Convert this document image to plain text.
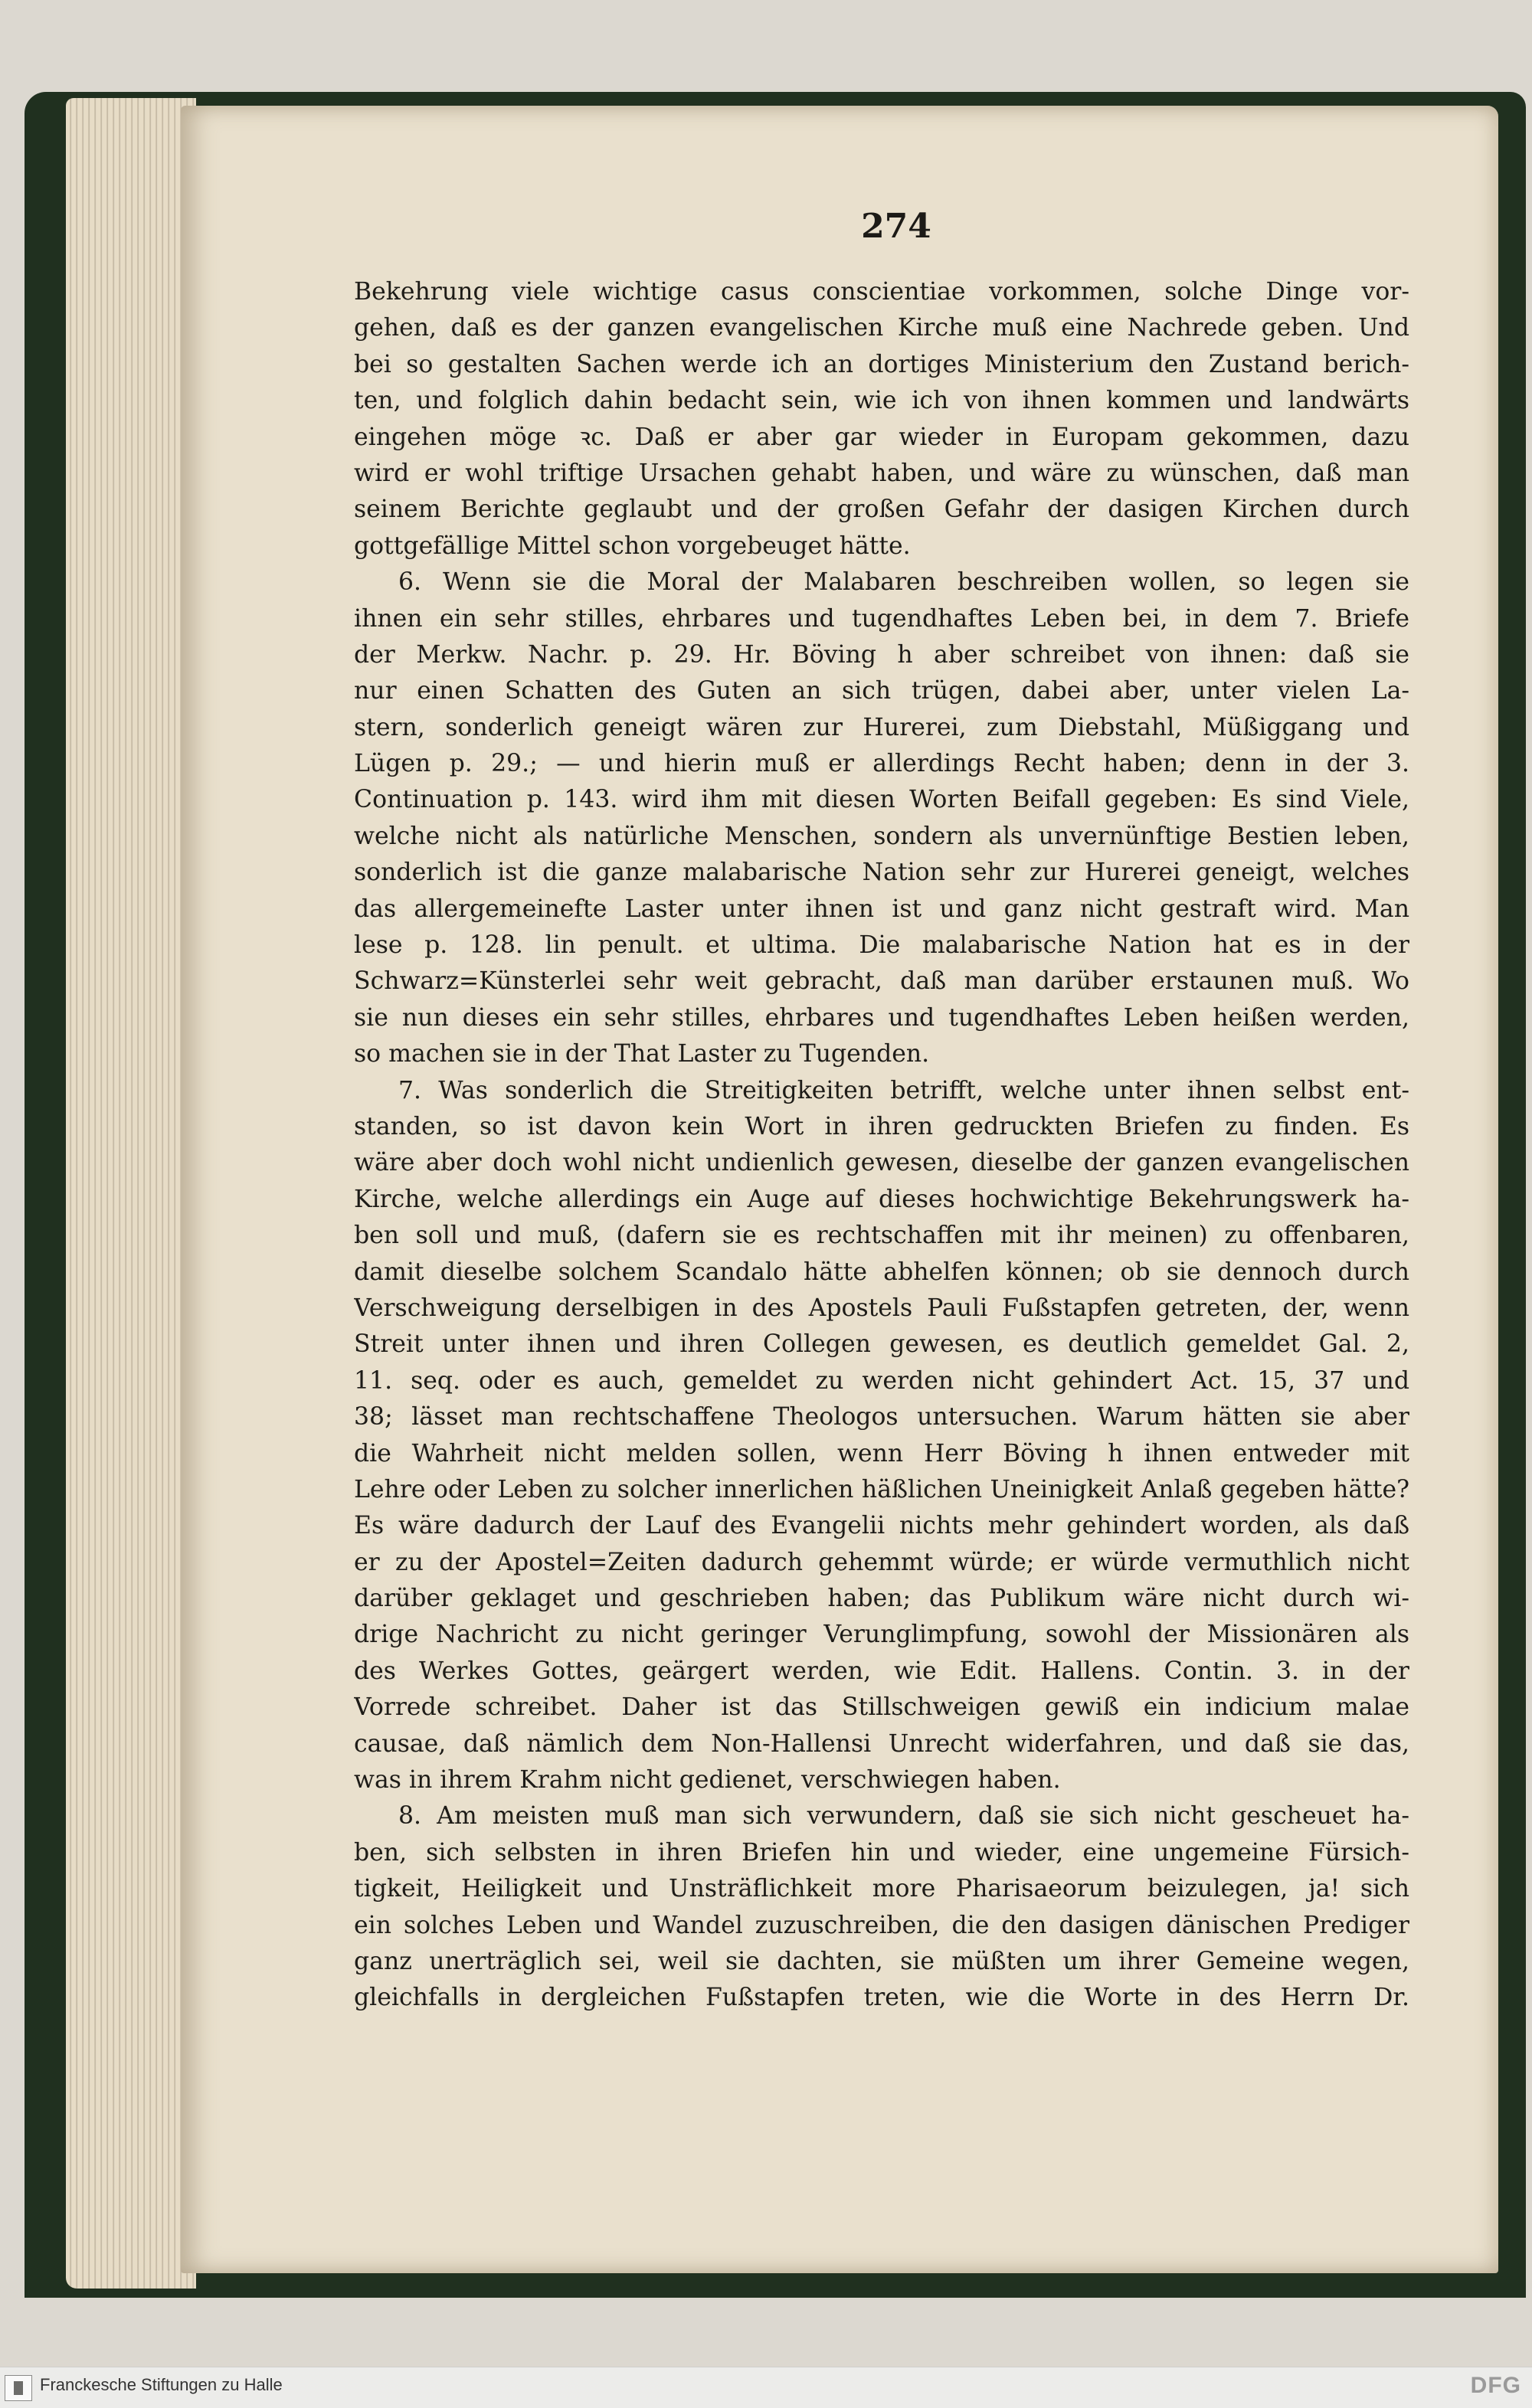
274
Bekehrung viele wichtige casus conscientiae vorkommen, solche Dinge vor-
gehen, daß es der ganzen evangelischen Kirche muß eine Nachrede geben. Und
bei so gestalten Sachen werde ich an dortiges Ministerium den Zustand berich-
ten, und folglich dahin bedacht sein, wie ich von ihnen kommen und landwärts
eingehen möge ꝛc. Daß er aber gar wieder in Europam gekommen, dazu
wird er wohl triftige Ursachen gehabt haben, und wäre zu wünschen, daß man
seinem Berichte geglaubt und der großen Gefahr der dasigen Kirchen durch
gottgefällige Mittel schon vorgebeuget hätte.
6. Wenn sie die Moral der Malabaren beschreiben wollen, so legen sie
ihnen ein sehr stilles, ehrbares und tugendhaftes Leben bei, in dem 7. Briefe
der Merkw. Nachr. p. 29. Hr. Böving h aber schreibet von ihnen: daß sie
nur einen Schatten des Guten an sich trügen, dabei aber, unter vielen La-
stern, sonderlich geneigt wären zur Hurerei, zum Diebstahl, Müßiggang und
Lügen p. 29.; — und hierin muß er allerdings Recht haben; denn in der 3.
Continuation p. 143. wird ihm mit diesen Worten Beifall gegeben: Es sind Viele,
welche nicht als natürliche Menschen, sondern als unvernünftige Bestien leben,
sonderlich ist die ganze malabarische Nation sehr zur Hurerei geneigt, welches
das allergemeinefte Laster unter ihnen ist und ganz nicht gestraft wird. Man
lese p. 128. lin penult. et ultima. Die malabarische Nation hat es in der
Schwarz=Künsterlei sehr weit gebracht, daß man darüber erstaunen muß. Wo
sie nun dieses ein sehr stilles, ehrbares und tugendhaftes Leben heißen werden,
so machen sie in der That Laster zu Tugenden.
7. Was sonderlich die Streitigkeiten betrifft, welche unter ihnen selbst ent-
standen, so ist davon kein Wort in ihren gedruckten Briefen zu finden. Es
wäre aber doch wohl nicht undienlich gewesen, dieselbe der ganzen evangelischen
Kirche, welche allerdings ein Auge auf dieses hochwichtige Bekehrungswerk ha-
ben soll und muß, (dafern sie es rechtschaffen mit ihr meinen) zu offenbaren,
damit dieselbe solchem Scandalo hätte abhelfen können; ob sie dennoch durch
Verschweigung derselbigen in des Apostels Pauli Fußstapfen getreten, der, wenn
Streit unter ihnen und ihren Collegen gewesen, es deutlich gemeldet Gal. 2,
11. seq. oder es auch, gemeldet zu werden nicht gehindert Act. 15, 37 und
38; lässet man rechtschaffene Theologos untersuchen. Warum hätten sie aber
die Wahrheit nicht melden sollen, wenn Herr Böving h ihnen entweder mit
Lehre oder Leben zu solcher innerlichen häßlichen Uneinigkeit Anlaß gegeben hätte?
Es wäre dadurch der Lauf des Evangelii nichts mehr gehindert worden, als daß
er zu der Apostel=Zeiten dadurch gehemmt würde; er würde vermuthlich nicht
darüber geklaget und geschrieben haben; das Publikum wäre nicht durch wi-
drige Nachricht zu nicht geringer Verunglimpfung, sowohl der Missionären als
des Werkes Gottes, geärgert werden, wie Edit. Hallens. Contin. 3. in der
Vorrede schreibet. Daher ist das Stillschweigen gewiß ein indicium malae
causae, daß nämlich dem Non-Hallensi Unrecht widerfahren, und daß sie das,
was in ihrem Krahm nicht gedienet, verschwiegen haben.
8. Am meisten muß man sich verwundern, daß sie sich nicht gescheuet ha-
ben, sich selbsten in ihren Briefen hin und wieder, eine ungemeine Fürsich-
tigkeit, Heiligkeit und Unsträflichkeit more Pharisaeorum beizulegen, ja! sich
ein solches Leben und Wandel zuzuschreiben, die den dasigen dänischen Prediger
ganz unerträglich sei, weil sie dachten, sie müßten um ihrer Gemeine wegen,
gleichfalls in dergleichen Fußstapfen treten, wie die Worte in des Herrn Dr.
Franckesche Stiftungen zu Halle	DFG
